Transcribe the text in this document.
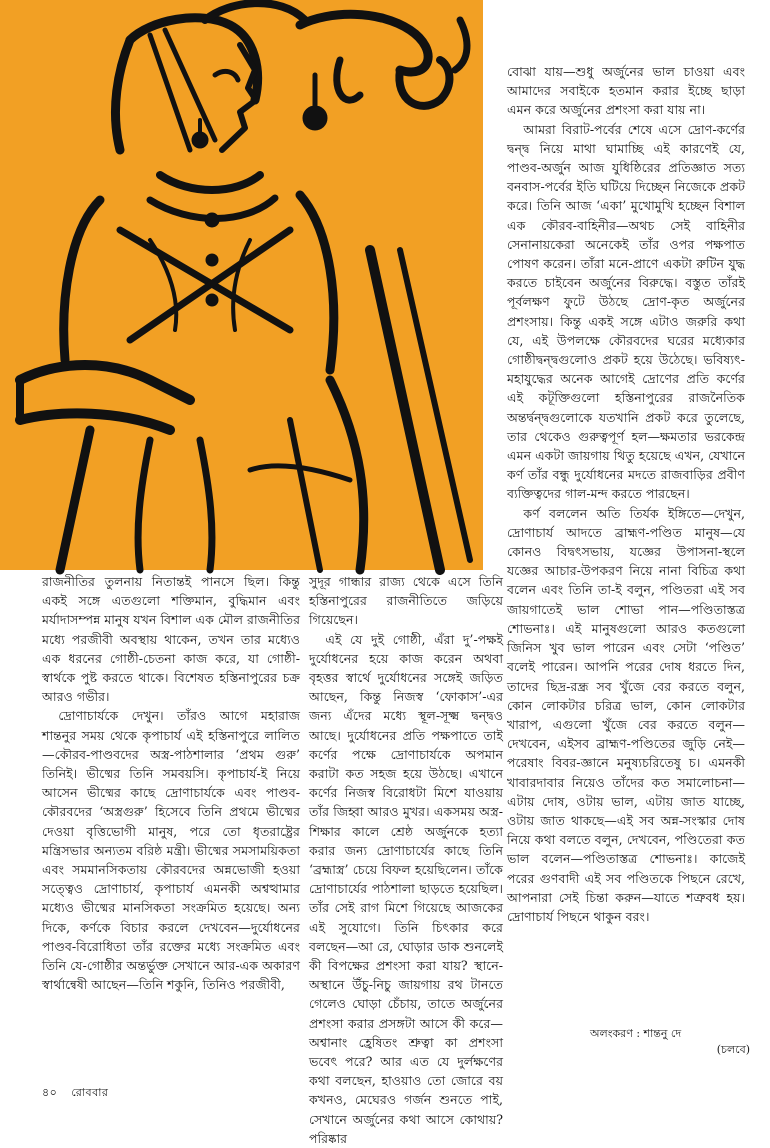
রাজনীতির তুলনায় নিতান্তই পানসে ছিল। কিন্তু একই সঙ্গে এতগুলো শক্তিমান, বুদ্ধিমান এবং মর্যাদাসম্পন্ন মানুষ যখন বিশাল এক মৌল রাজনীতির মধ্যে পরজীবী অবস্থায় থাকেন, তখন তার মধ্যেও এক ধরনের গোষ্ঠী-চেতনা কাজ করে, যা গোষ্ঠী-স্বার্থকে পুষ্ট করতে থাকে। বিশেষত হস্তিনাপুরের চক্র আরও গভীর।

দ্রোণাচার্যকে দেখুন। তাঁরও আগে মহারাজ শান্তনুর সময় থেকে কৃপাচার্য এই হস্তিনাপুরে লালিত—কৌরব-পাণ্ডবদের অস্ত্র-পাঠশালার ‘প্রথম গুরু’ তিনিই। ভীষ্মের তিনি সমবয়সি। কৃপাচার্য-ই নিয়ে আসেন ভীষ্মের কাছে দ্রোণাচার্যকে এবং পাণ্ডব-কৌরবদের ‘অস্ত্রগুরু’ হিসেবে তিনি প্রথমে ভীষ্মের দেওয়া বৃত্তিভোগী মানুষ, পরে তো ধৃতরাষ্ট্রের মন্ত্রিসভার অন্যতম বরিষ্ঠ মন্ত্রী। ভীষ্মের সমসাময়িকতা এবং সমমানসিকতায় কৌরবদের অন্নভোজী হওয়া সত্ত্বেও দ্রোণাচার্য, কৃপাচার্য এমনকী অশ্বত্থামার মধ্যেও ভীষ্মের মানসিকতা সংক্রমিত হয়েছে। অন্য দিকে, কর্ণকে বিচার করলে দেখবেন—দুর্যোধনের পাণ্ডব-বিরোধিতা তাঁর রক্তের মধ্যে সংক্রমিত এবং তিনি যে-গোষ্ঠীর অন্তর্ভুক্ত সেখানে আর-এক অকারণ স্বার্থান্বেষী আছেন—তিনি শকুনি, তিনিও পরজীবী,

সুদূর গান্ধার রাজ্য থেকে এসে তিনি হস্তিনাপুরের রাজনীতিতে জড়িয়ে গিয়েছেন।

এই যে দুই গোষ্ঠী, এঁরা দু’-পক্ষই দুর্যোধনের হয়ে কাজ করেন অথবা বৃহত্তর স্বার্থে দুর্যোধনের সঙ্গেই জড়িত আছেন, কিন্তু নিজস্ব ‘ফোকাস’-এর জন্য এঁদের মধ্যে স্থূল-সূক্ষ্ম দ্বন্দ্বও আছে। দুর্যোধনের প্রতি পক্ষপাতে তাই কর্ণের পক্ষে দ্রোণাচার্যকে অপমান করাটা কত সহজ হয়ে উঠছে। এখানে কর্ণের নিজস্ব বিরোধটা মিশে যাওয়ায় তাঁর জিহ্বা আরও মুখর। একসময় অস্ত্র-শিক্ষার কালে শ্রেষ্ঠ অর্জুনকে হত্যা করার জন্য দ্রোণাচার্যের কাছে তিনি ‘ব্রহ্মাস্ত্র’ চেয়ে বিফল হয়েছিলেন। তাঁকে দ্রোণাচার্যের পাঠশালা ছাড়তে হয়েছিল। তাঁর সেই রাগ মিশে গিয়েছে আজকের এই সুযোগে। তিনি চিৎকার করে বলছেন—আ রে, ঘোড়ার ডাক শুনলেই কী বিপক্ষের প্রশংসা করা যায়? স্থানে-অস্থানে উঁচু-নিচু জায়গায় রথ টানতে গেলেও ঘোড়া চেঁচায়, তাতে অর্জুনের প্রশংসা করার প্রসঙ্গটা আসে কী করে—অশ্বানাং হ্রেষিতং শ্রুত্বা কা প্রশংসা ভবেৎ পরে? আর এত যে দুর্লক্ষণের কথা বলছেন, হাওয়াও তো জোরে বয় কখনও, মেঘেরও গর্জন শুনতে পাই, সেখানে অর্জুনের কথা আসে কোথায়? পরিষ্কার

বোঝা যায়—শুধু অর্জুনের ভাল চাওয়া এবং আমাদের সবাইকে হতমান করার ইচ্ছে ছাড়া এমন করে অর্জুনের প্রশংসা করা যায় না।

আমরা বিরাট-পর্বের শেষে এসে দ্রোণ-কর্ণের দ্বন্দ্ব নিয়ে মাথা ঘামাচ্ছি এই কারণেই যে, পাণ্ডব-অর্জুন আজ যুধিষ্ঠিরের প্রতিজ্ঞাত সত্য বনবাস-পর্বের ইতি ঘটিয়ে দিচ্ছেন নিজেকে প্রকট করে। তিনি আজ ‘একা’ মুখোমুখি হচ্ছেন বিশাল এক কৌরব-বাহিনীর—অথচ সেই বাহিনীর সেনানায়কেরা অনেকেই তাঁর ওপর পক্ষপাত পোষণ করেন। তাঁরা মনে-প্রাণে একটা রুটিন যুদ্ধ করতে চাইবেন অর্জুনের বিরুদ্ধে। বস্তুত তাঁরই পূর্বলক্ষণ ফুটে উঠছে দ্রোণ-কৃত অর্জুনের প্রশংসায়। কিন্তু একই সঙ্গে এটাও জরুরি কথা যে, এই উপলক্ষে কৌরবদের ঘরের মধ্যেকার গোষ্ঠীদ্বন্দ্বগুলোও প্রকট হয়ে উঠেছে। ভবিষ্যৎ-মহাযুদ্ধের অনেক আগেই দ্রোণের প্রতি কর্ণের এই কটূক্তিগুলো হস্তিনাপুরের রাজনৈতিক অন্তর্দ্বন্দ্বগুলোকে যতখানি প্রকট করে তুলেছে, তার থেকেও গুরুত্বপূর্ণ হল—ক্ষমতার ভরকেন্দ্র এমন একটা জায়গায় থিতু হয়েছে এখন, যেখানে কর্ণ তাঁর বন্ধু দুর্যোধনের মদতে রাজবাড়ির প্রবীণ ব্যক্তিত্বদের গাল-মন্দ করতে পারছেন।

কর্ণ বললেন অতি তির্যক ইঙ্গিতে—দেখুন, দ্রোণাচার্য আদতে ব্রাহ্মণ-পণ্ডিত মানুষ—যে কোনও বিদ্বৎসভায়, যজ্ঞের উপাসনা-স্থলে যজ্ঞের আচার-উপকরণ নিয়ে নানা বিচিত্র কথা বলেন এবং তিনি তা-ই বলুন, পণ্ডিতরা এই সব জায়গাতেই ভাল শোভা পান—পণ্ডিতাস্তত্র শোভনাঃ। এই মানুষগুলো আরও কতগুলো জিনিস খুব ভাল পারেন এবং সেটা ‘পণ্ডিত’ বলেই পারেন। আপনি পরের দোষ ধরতে দিন, তাদের ছিদ্র-রন্ধ্র সব খুঁজে বের করতে বলুন, কোন লোকটার চরিত্র ভাল, কোন লোকটার খারাপ, এগুলো খুঁজে বের করতে বলুন—দেখবেন, এইসব ব্রাহ্মণ-পণ্ডিতের জুড়ি নেই—পরেষাং বিবর-জ্ঞানে মনুষ্যচরিতেষু চ। এমনকী খাবারদাবার নিয়েও তাঁদের কত সমালোচনা—এটায় দোষ, ওটায় ভাল, এটায় জাত যাচ্ছে, ওটায় জাত থাকছে—এই সব অন্ন-সংস্কার দোষ নিয়ে কথা বলতে বলুন, দেখবেন, পণ্ডিতেরা কত ভাল বলেন—পণ্ডিতাস্তত্র শোভনাঃ। কাজেই পরের গুণবাদী এই সব পণ্ডিতকে পিছনে রেখে, আপনারা সেই চিন্তা করুন—যাতে শত্রুবধ হয়। দ্রোণাচার্য পিছনে থাকুন বরং।

অলংকরণ : শান্তনু দে
(চলবে)
৪০ রোববার
